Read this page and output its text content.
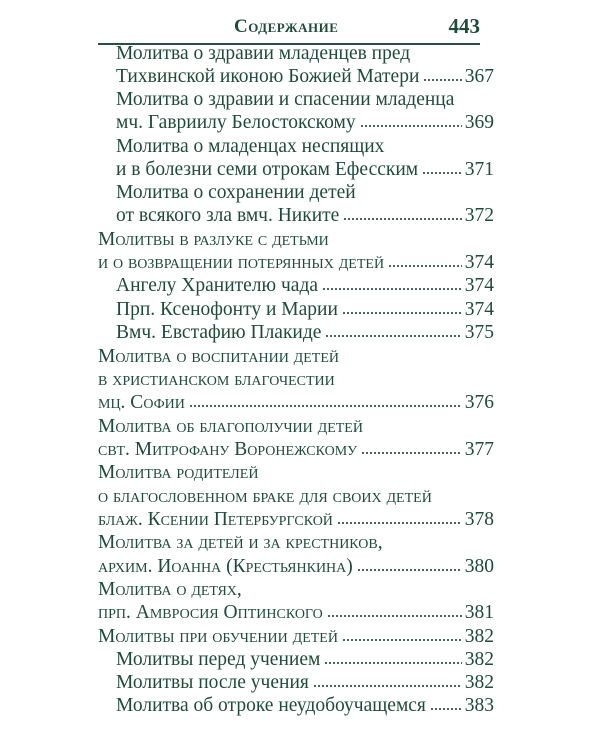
Содержание	443
Молитва о здравии младенцев пред
Тихвинской иконою Божией Матери 367
Молитва о здравии и спасении младенца
мч. Гавриилу Белостокскому	369
Молитва о младенцах неспящих
и в болезни семи отрокам Ефесским 371
Молитва о сохранении детей
от всякого зла вмч. Никите	372
Молитвы в разлуке с детьми
и о возвращении потерянных детей	374
Ангелу Хранителю чада	374
Прп. Ксенофонту и Марии	374
Вмч. Евстафию Плакиде	375
Молитва о воспитании детей
в христианском благочестии
мц. Софии	376
Молитва об благополучии детей
свт. Митрофану Воронежскому	377
Молитва родителей
о благословенном браке для своих детей
блаж. Ксении Петербургской	378
Молитва за детей и за крестников,
архим. Иоанна (Крестьянкина)	380
Молитва о детях,
прп. Амвросия Оптинского	381
Молитвы при обучении детей	382
Молитвы перед учением	382
Молитвы после учения	382
Молитва об отроке неудобоучащемся 383
